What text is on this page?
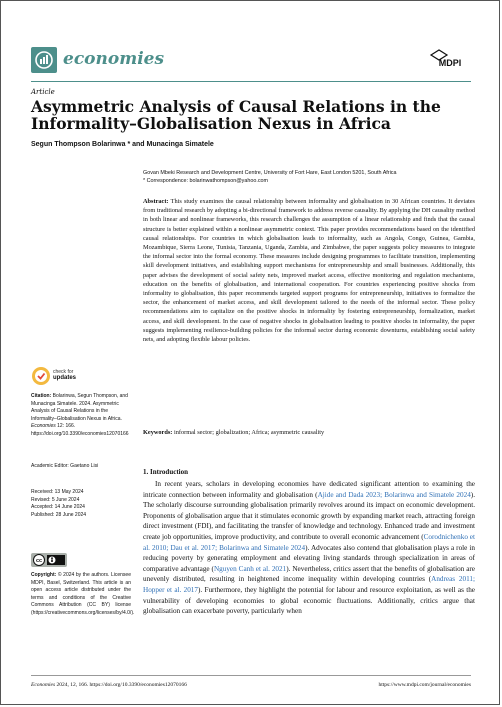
economies	MDPI
Article
Asymmetric Analysis of Causal Relations in the Informality–Globalisation Nexus in Africa
Segun Thompson Bolarinwa * and Munacinga Simatele
Govan Mbeki Research and Development Centre, University of Fort Hare, East London 5201, South Africa
* Correspondence: bolarinwathompson@yahoo.com
Abstract: This study examines the causal relationship between informality and globalisation in 30 African countries. It deviates from traditional research by adopting a bi-directional framework to address reverse causality. By applying the DH causality method in both linear and nonlinear frameworks, this research challenges the assumption of a linear relationship and finds that the causal structure is better explained within a nonlinear asymmetric context. This paper provides recommendations based on the identified causal relationships. For countries in which globalisation leads to informality, such as Angola, Congo, Guinea, Gambia, Mozambique, Sierra Leone, Tunisia, Tanzania, Uganda, Zambia, and Zimbabwe, the paper suggests policy measures to integrate the informal sector into the formal economy. These measures include designing programmes to facilitate transition, implementing skill development initiatives, and establishing support mechanisms for entrepreneurship and small businesses. Additionally, this paper advises the development of social safety nets, improved market access, effective monitoring and regulation mechanisms, education on the benefits of globalisation, and international cooperation. For countries experiencing positive shocks from informality to globalisation, this paper recommends targeted support programs for entrepreneurship, initiatives to formalize the sector, the enhancement of market access, and skill development tailored to the needs of the informal sector. These policy recommendations aim to capitalize on the positive shocks in informality by fostering entrepreneurship, formalization, market access, and skill development. In the case of negative shocks in globalisation leading to positive shocks in informality, the paper suggests implementing resilience-building policies for the informal sector during economic downturns, establishing social safety nets, and adopting flexible labour policies.
Keywords: informal sector; globalization; Africa; asymmetric causality
1. Introduction
In recent years, scholars in developing economies have dedicated significant attention to examining the intricate connection between informality and globalisation (Ajide and Dada 2023; Bolarinwa and Simatele 2024). The scholarly discourse surrounding globalisation primarily revolves around its impact on economic development. Proponents of globalisation argue that it stimulates economic growth by expanding market reach, attracting foreign direct investment (FDI), and facilitating the transfer of knowledge and technology. Enhanced trade and investment create job opportunities, improve productivity, and contribute to overall economic advancement (Corodnichenko et al. 2010; Dau et al. 2017; Bolarinwa and Simatele 2024). Advocates also contend that globalisation plays a role in reducing poverty by generating employment and elevating living standards through specialization in areas of comparative advantage (Nguyen Canh et al. 2021). Nevertheless, critics assert that the benefits of globalisation are unevenly distributed, resulting in heightened income inequality within developing countries (Andreas 2011; Hopper et al. 2017). Furthermore, they highlight the potential for labour and resource exploitation, as well as the vulnerability of developing economies to global economic fluctuations. Additionally, critics argue that globalisation can exacerbate poverty, particularly when
check for
updates
Citation: Bolarinwa, Segun Thompson, and Munacinga Simatele. 2024. Asymmetric Analysis of Causal Relations in the Informality–Globalisation Nexus in Africa. Economies 12: 166. https://doi.org/10.3390/economies12070166
Academic Editor: Gaetano Lisi
Received: 13 May 2024
Revised: 5 June 2024
Accepted: 14 June 2024
Published: 28 June 2024
cc
Copyright: © 2024 by the authors. Licensee MDPI, Basel, Switzerland. This article is an open access article distributed under the terms and conditions of the Creative Commons Attribution (CC BY) license (https://creativecommons.org/licenses/by/4.0/).
Economies 2024, 12, 166. https://doi.org/10.3390/economies12070166	https://www.mdpi.com/journal/economies
